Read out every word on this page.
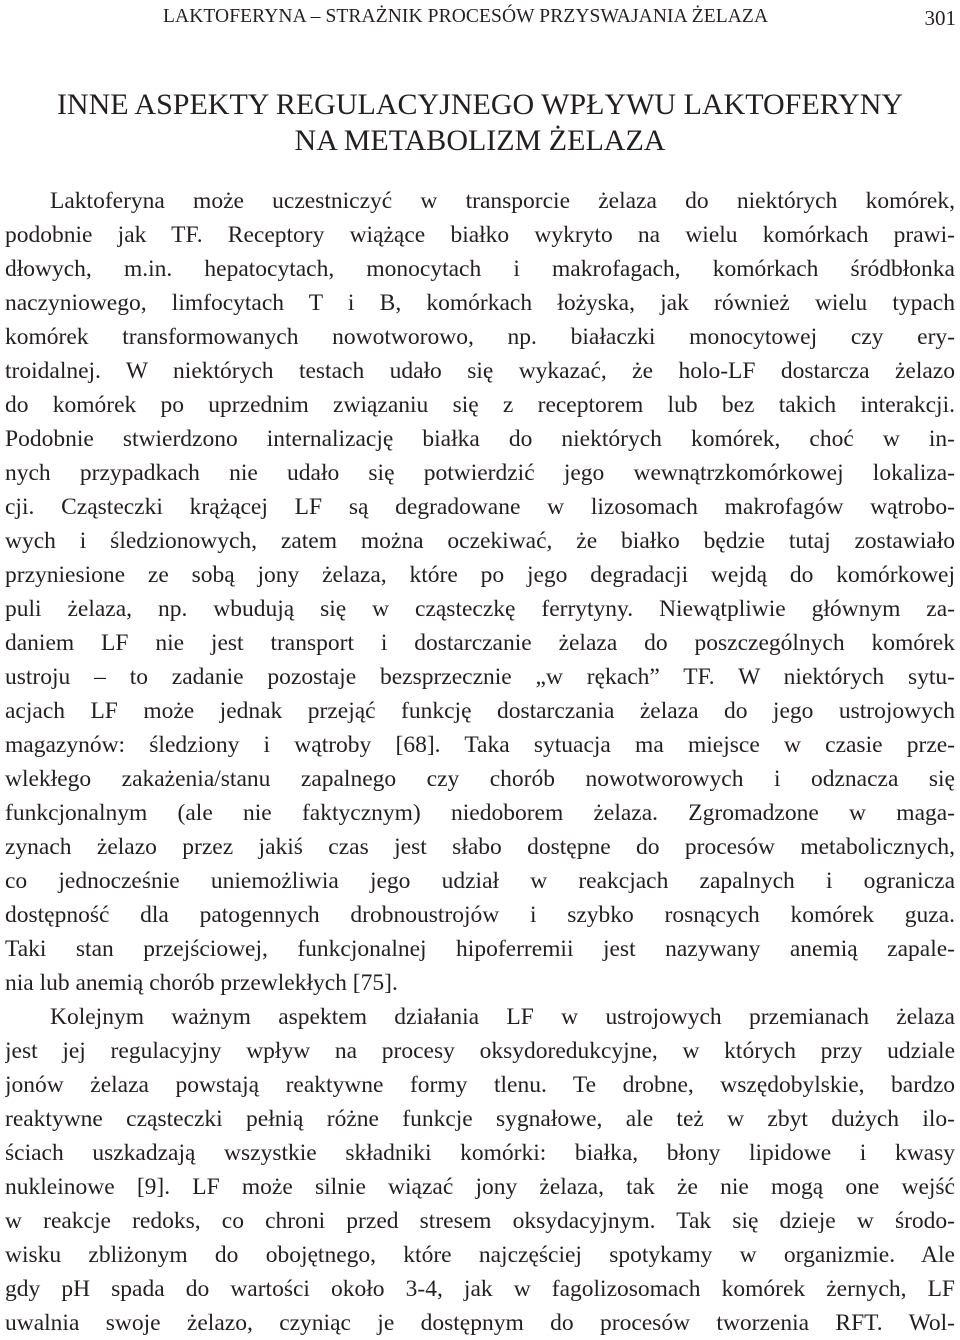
LAKTOFERYNA – STRAŻNIK PROCESÓW PRZYSWAJANIA ŻELAZA	301
INNE ASPEKTY REGULACYJNEGO WPŁYWU LAKTOFERYNY
NA METABOLIZM ŻELAZA
Laktoferyna może uczestniczyć w transporcie żelaza do niektórych komórek,
podobnie jak TF. Receptory wiążące białko wykryto na wielu komórkach prawi-
dłowych, m.in. hepatocytach, monocytach i makrofagach, komórkach śródbłonka
naczyniowego, limfocytach T i B, komórkach łożyska, jak również wielu typach
komórek transformowanych nowotworowo, np. białaczki monocytowej czy ery-
troidalnej. W niektórych testach udało się wykazać, że holo-LF dostarcza żelazo
do komórek po uprzednim związaniu się z receptorem lub bez takich interakcji.
Podobnie stwierdzono internalizację białka do niektórych komórek, choć w in-
nych przypadkach nie udało się potwierdzić jego wewnątrzkomórkowej lokaliza-
cji. Cząsteczki krążącej LF są degradowane w lizosomach makrofagów wątrobo-
wych i śledzionowych, zatem można oczekiwać, że białko będzie tutaj zostawiało
przyniesione ze sobą jony żelaza, które po jego degradacji wejdą do komórkowej
puli żelaza, np. wbudują się w cząsteczkę ferrytyny. Niewątpliwie głównym za-
daniem LF nie jest transport i dostarczanie żelaza do poszczególnych komórek
ustroju – to zadanie pozostaje bezsprzecznie „w rękach” TF. W niektórych sytu-
acjach LF może jednak przejąć funkcję dostarczania żelaza do jego ustrojowych
magazynów: śledziony i wątroby [68]. Taka sytuacja ma miejsce w czasie prze-
wlekłego zakażenia/stanu zapalnego czy chorób nowotworowych i odznacza się
funkcjonalnym (ale nie faktycznym) niedoborem żelaza. Zgromadzone w maga-
zynach żelazo przez jakiś czas jest słabo dostępne do procesów metabolicznych,
co jednocześnie uniemożliwia jego udział w reakcjach zapalnych i ogranicza
dostępność dla patogennych drobnoustrojów i szybko rosnących komórek guza.
Taki stan przejściowej, funkcjonalnej hipoferremii jest nazywany anemią zapale-
nia lub anemią chorób przewlekłych [75].
Kolejnym ważnym aspektem działania LF w ustrojowych przemianach żelaza
jest jej regulacyjny wpływ na procesy oksydoredukcyjne, w których przy udziale
jonów żelaza powstają reaktywne formy tlenu. Te drobne, wszędobylskie, bardzo
reaktywne cząsteczki pełnią różne funkcje sygnałowe, ale też w zbyt dużych ilo-
ściach uszkadzają wszystkie składniki komórki: białka, błony lipidowe i kwasy
nukleinowe [9]. LF może silnie wiązać jony żelaza, tak że nie mogą one wejść
w reakcje redoks, co chroni przed stresem oksydacyjnym. Tak się dzieje w środo-
wisku zbliżonym do obojętnego, które najczęściej spotykamy w organizmie. Ale
gdy pH spada do wartości około 3-4, jak w fagolizosomach komórek żernych, LF
uwalnia swoje żelazo, czyniąc je dostępnym do procesów tworzenia RFT. Wol-
